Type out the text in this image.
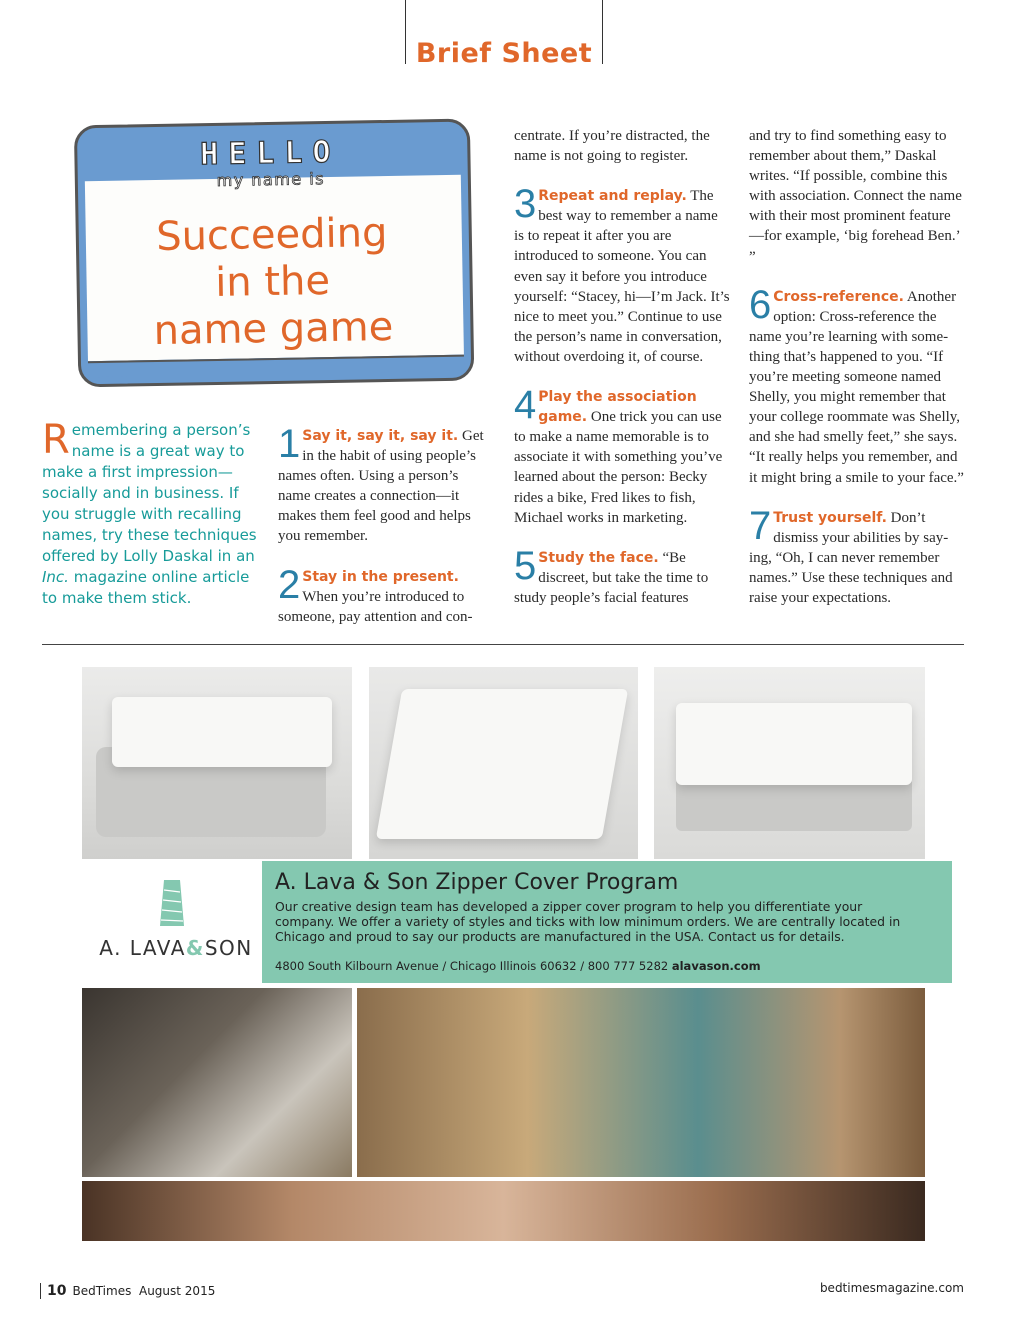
Brief Sheet
HELLO
my name is
Succeeding
in the
name game
Remembering a person’s name is a great way to make a first impression—socially and in business. If you struggle with recalling names, try these techniques offered by Lolly Daskal in an Inc. magazine online article to make them stick.

1 Say it, say it, say it. Get in the habit of using people’s names often. Using a person’s name creates a connection—it makes them feel good and helps you remember.

2 Stay in the present. When you’re introduced to someone, pay attention and con-

centrate. If you’re distracted, the name is not going to register.

3 Repeat and replay. The best way to remember a name is to repeat it after you are introduced to someone. You can even say it before you introduce yourself: “Stacey, hi—I’m Jack. It’s nice to meet you.” Continue to use the person’s name in conversation, without overdoing it, of course.

4 Play the association game. One trick you can use to make a name memorable is to associate it with something you’ve learned about the person: Becky rides a bike, Fred likes to fish, Michael works in marketing.

5 Study the face. “Be discreet, but take the time to study people’s facial features

and try to find something easy to remember about them,” Daskal writes. “If possible, combine this with association. Connect the name with their most prominent feature—for example, ‘big forehead Ben.’ ”

6 Cross-reference. Another option: Cross-reference the name you’re learning with something that’s happened to you. “If you’re meeting someone named Shelly, you might remember that your college roommate was Shelly, and she had smelly feet,” she says. “It really helps you remember, and it might bring a smile to your face.”

7 Trust yourself. Don’t dismiss your abilities by saying, “Oh, I can never remember names.” Use these techniques and raise your expectations.

A. LAVA&SON
A. Lava & Son Zipper Cover Program
Our creative design team has developed a zipper cover program to help you differentiate your company. We offer a variety of styles and ticks with low minimum orders. We are centrally located in Chicago and proud to say our products are manufactured in the USA. Contact us for details.
4800 South Kilbourn Avenue / Chicago Illinois 60632 / 800 777 5282 alavason.com
10 BedTimes August 2015	bedtimesmagazine.com
